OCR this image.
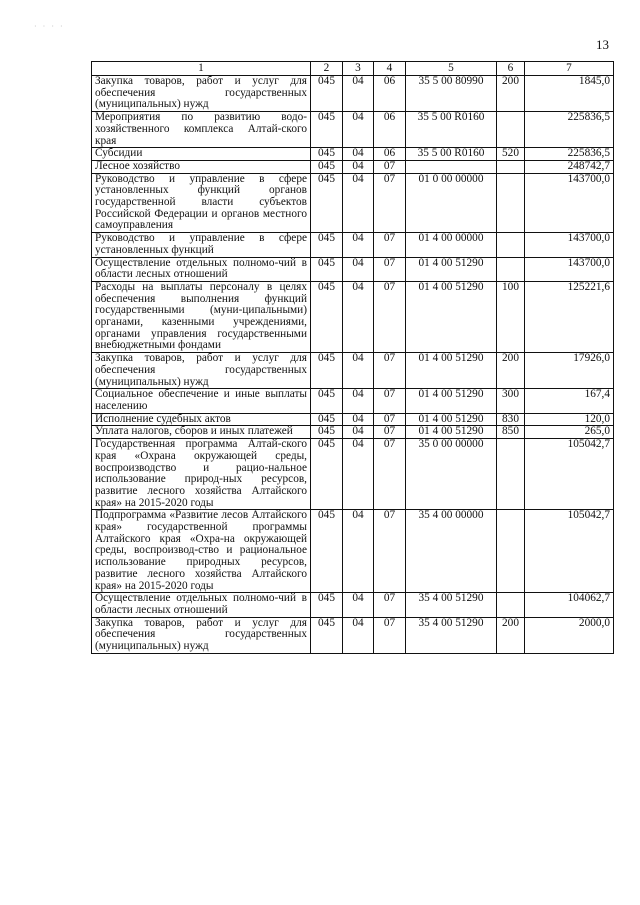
· · · ·
13
1	2	3	4	5	6	7
Закупка товаров, работ и услуг для обеспечения государственных (муниципальных) нужд	045	04	06	35 5 00 80990	200	1845,0
Мероприятия по развитию водо-хозяйственного комплекса Алтай-ского края	045	04	06	35 5 00 R0160		225836,5
Субсидии	045	04	06	35 5 00 R0160	520	225836,5
Лесное хозяйство	045	04	07			248742,7
Руководство и управление в сфере установленных функций органов государственной власти субъектов Российской Федерации и органов местного самоуправления	045	04	07	01 0 00 00000		143700,0
Руководство и управление в сфере установленных функций	045	04	07	01 4 00 00000		143700,0
Осуществление отдельных полномо-чий в области лесных отношений	045	04	07	01 4 00 51290		143700,0
Расходы на выплаты персоналу в целях обеспечения выполнения функций государственными (муни-ципальными) органами, казенными учреждениями, органами управления государственными внебюджетными фондами	045	04	07	01 4 00 51290	100	125221,6
Закупка товаров, работ и услуг для обеспечения государственных (муниципальных) нужд	045	04	07	01 4 00 51290	200	17926,0
Социальное обеспечение и иные выплаты населению	045	04	07	01 4 00 51290	300	167,4
Исполнение судебных актов	045	04	07	01 4 00 51290	830	120,0
Уплата налогов, сборов и иных платежей	045	04	07	01 4 00 51290	850	265,0
Государственная программа Алтай-ского края «Охрана окружающей среды, воспроизводство и рацио-нальное использование природ-ных ресурсов, развитие лесного хозяйства Алтайского края» на 2015-2020 годы	045	04	07	35 0 00 00000		105042,7
Подпрограмма «Развитие лесов Алтайского края» государственной программы Алтайского края «Охра-на окружающей среды, воспроизвод-ство и рациональное использование природных ресурсов, развитие лесного хозяйства Алтайского края» на 2015-2020 годы	045	04	07	35 4 00 00000		105042,7
Осуществление отдельных полномо-чий в области лесных отношений	045	04	07	35 4 00 51290		104062,7
Закупка товаров, работ и услуг для обеспечения государственных (муниципальных) нужд	045	04	07	35 4 00 51290	200	2000,0
